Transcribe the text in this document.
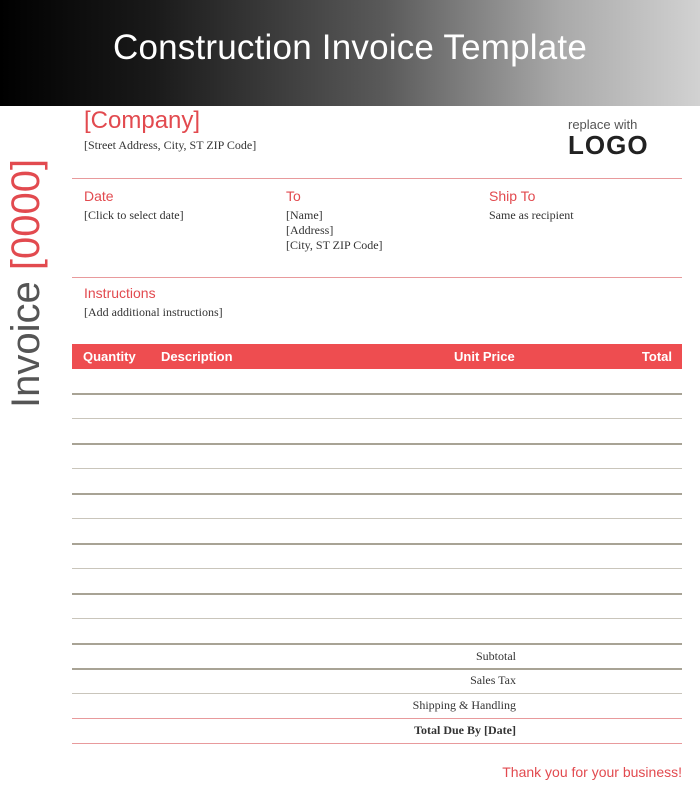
Construction Invoice Template
Invoice [0000]
[Company]
[Street Address, City, ST ZIP Code]
replace with
LOGO
Date
[Click to select date]
To
[Name]
[Address]
[City, ST ZIP Code]
Ship To
Same as recipient
Instructions
[Add additional instructions]
Quantity Description	Unit Price	Total
Subtotal
Sales Tax
Shipping & Handling
Total Due By [Date]
Thank you for your business!
